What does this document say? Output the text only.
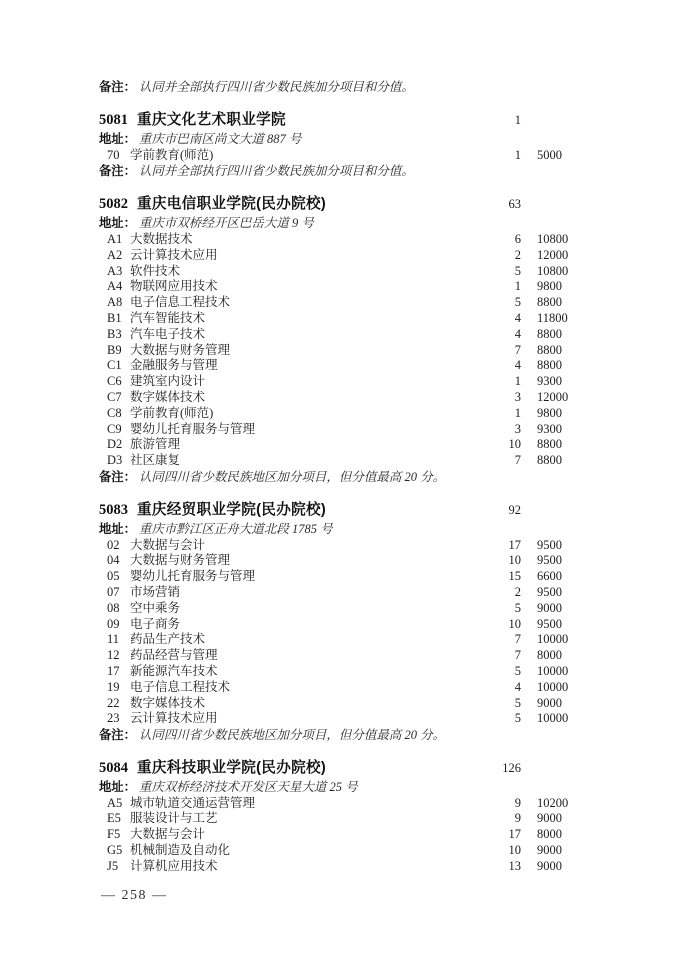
备注： 认同并全部执行四川省少数民族加分项目和分值。
5081 重庆文化艺术职业学院	1
地址： 重庆市巴南区尚文大道 887 号
70 学前教育(师范)	1	5000
备注： 认同并全部执行四川省少数民族加分项目和分值。
5082 重庆电信职业学院(民办院校)	63
地址： 重庆市双桥经开区巴岳大道 9 号
A1 大数据技术	6	10800
A2 云计算技术应用	2	12000
A3 软件技术	5	10800
A4 物联网应用技术	1	9800
A8 电子信息工程技术	5	8800
B1 汽车智能技术	4	11800
B3 汽车电子技术	4	8800
B9 大数据与财务管理	7	8800
C1 金融服务与管理	4	8800
C6 建筑室内设计	1	9300
C7 数字媒体技术	3	12000
C8 学前教育(师范)	1	9800
C9 婴幼儿托育服务与管理	3	9300
D2 旅游管理	10	8800
D3 社区康复	7	8800
备注： 认同四川省少数民族地区加分项目，但分值最高 20 分。
5083 重庆经贸职业学院(民办院校)	92
地址： 重庆市黔江区正舟大道北段 1785 号
02 大数据与会计	17	9500
04 大数据与财务管理	10	9500
05 婴幼儿托育服务与管理	15	6600
07 市场营销	2	9500
08 空中乘务	5	9000
09 电子商务	10	9500
11 药品生产技术	7	10000
12 药品经营与管理	7	8000
17 新能源汽车技术	5	10000
19 电子信息工程技术	4	10000
22 数字媒体技术	5	9000
23 云计算技术应用	5	10000
备注： 认同四川省少数民族地区加分项目，但分值最高 20 分。
5084 重庆科技职业学院(民办院校)	126
地址： 重庆双桥经济技术开发区天星大道 25 号
A5 城市轨道交通运营管理	9	10200
E5 服装设计与工艺	9	9000
F5 大数据与会计	17	8000
G5 机械制造及自动化	10	9000
J5 计算机应用技术	13	9000
— 258 —
